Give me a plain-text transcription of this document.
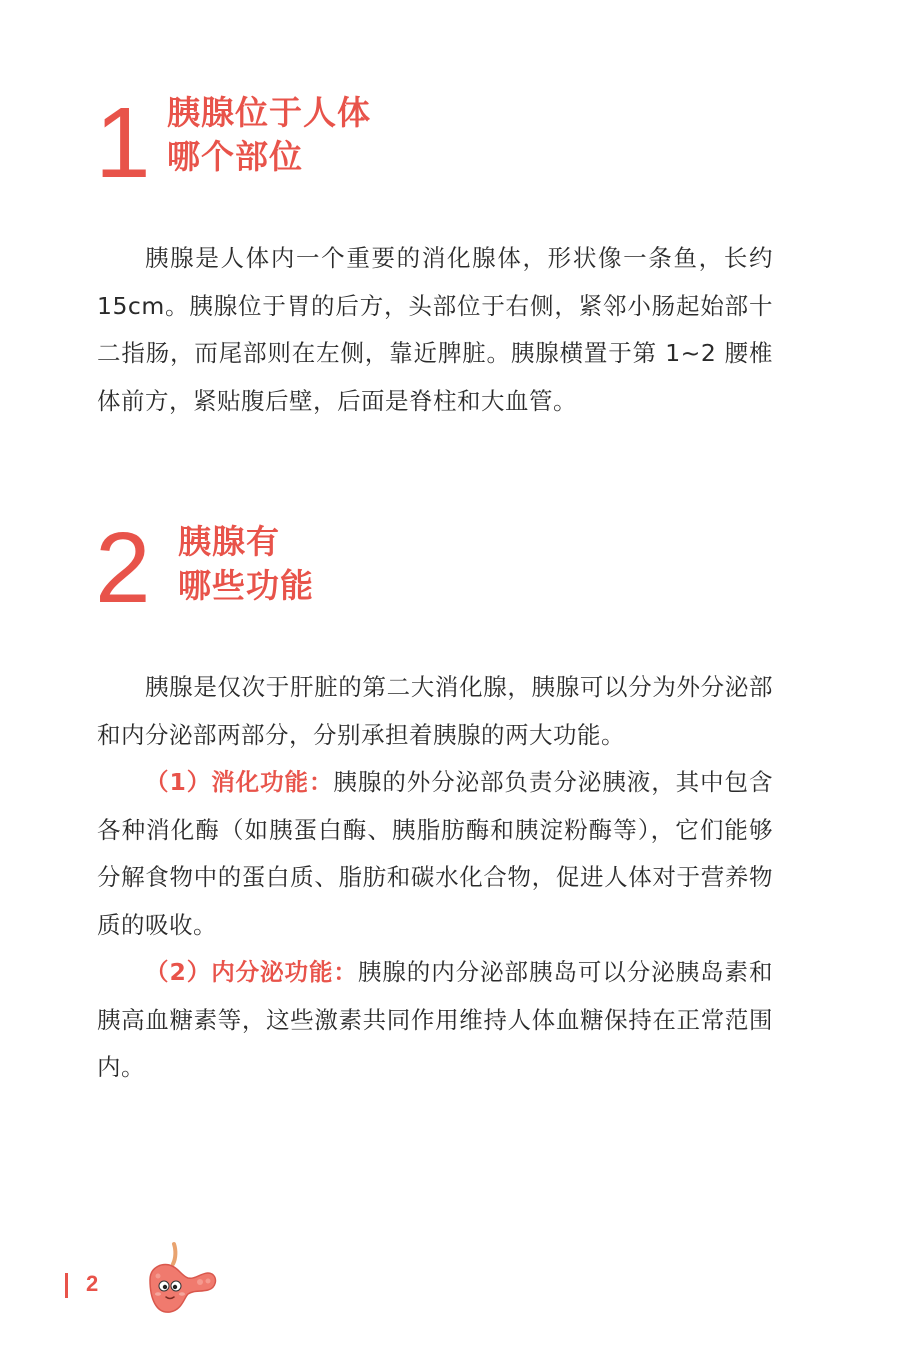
1 胰腺位于人体
哪个部位

胰腺是人体内一个重要的消化腺体，形状像一条鱼，长约15cm。胰腺位于胃的后方，头部位于右侧，紧邻小肠起始部十二指肠，而尾部则在左侧，靠近脾脏。胰腺横置于第 1~2 腰椎体前方，紧贴腹后壁，后面是脊柱和大血管。

2 胰腺有
哪些功能

胰腺是仅次于肝脏的第二大消化腺，胰腺可以分为外分泌部和内分泌部两部分，分别承担着胰腺的两大功能。

（1）消化功能：胰腺的外分泌部负责分泌胰液，其中包含各种消化酶（如胰蛋白酶、胰脂肪酶和胰淀粉酶等），它们能够分解食物中的蛋白质、脂肪和碳水化合物，促进人体对于营养物质的吸收。

（2）内分泌功能：胰腺的内分泌部胰岛可以分泌胰岛素和胰高血糖素等，这些激素共同作用维持人体血糖保持在正常范围内。

2
